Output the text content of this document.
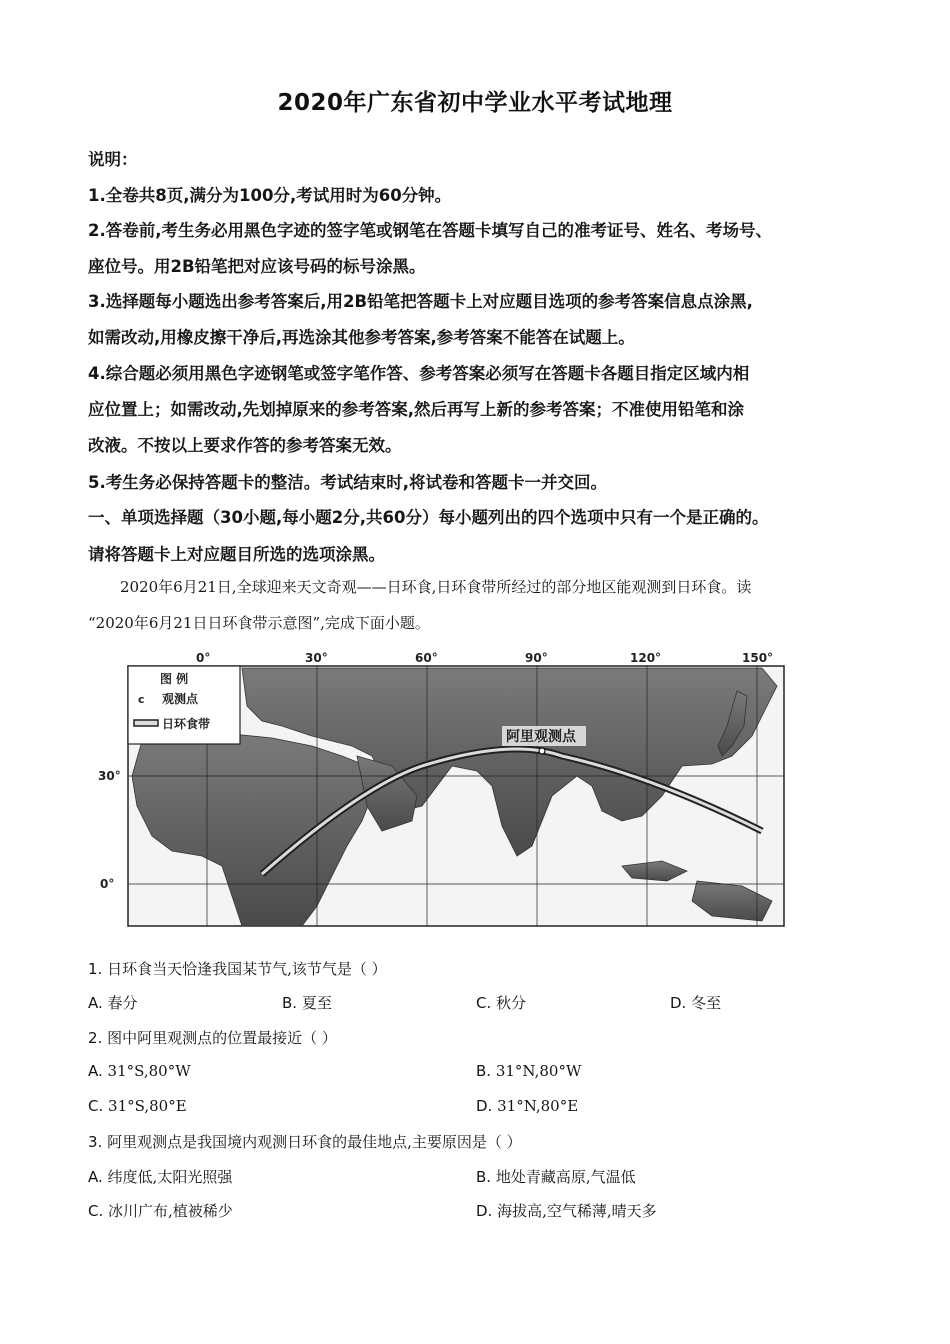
2020年广东省初中学业水平考试地理
说明：
1.全卷共8页,满分为100分,考试用时为60分钟。
2.答卷前,考生务必用黑色字迹的签字笔或钢笔在答题卡填写自己的准考证号、姓名、考场号、
座位号。用2B铅笔把对应该号码的标号涂黑。
3.选择题每小题选出参考答案后,用2B铅笔把答题卡上对应题目选项的参考答案信息点涂黑,
如需改动,用橡皮擦干净后,再选涂其他参考答案,参考答案不能答在试题上。
4.综合题必须用黑色字迹钢笔或签字笔作答、参考答案必须写在答题卡各题目指定区域内相
应位置上；如需改动,先划掉原来的参考答案,然后再写上新的参考答案；不准使用铅笔和涂
改液。不按以上要求作答的参考答案无效。
5.考生务必保持答题卡的整洁。考试结束时,将试卷和答题卡一并交回。
一、单项选择题（30小题,每小题2分,共60分）每小题列出的四个选项中只有一个是正确的。
请将答题卡上对应题目所选的选项涂黑。
2020年6月21日,全球迎来天文奇观——日环食,日环食带所经过的部分地区能观测到日环食。读
“2020年6月21日日环食带示意图”,完成下面小题。
0°	30°	60°	90°	120°	150°
30°
0°
阿里观测点
图 例
c 观测点
日环食带
1. 日环食当天恰逢我国某节气,该节气是（ ）
A. 春分	B. 夏至	C. 秋分	D. 冬至
2. 图中阿里观测点的位置最接近（ ）
A. 31°S,80°W	B. 31°N,80°W
C. 31°S,80°E	D. 31°N,80°E
3. 阿里观测点是我国境内观测日环食的最佳地点,主要原因是（ ）
A. 纬度低,太阳光照强	B. 地处青藏高原,气温低
C. 冰川广布,植被稀少	D. 海拔高,空气稀薄,晴天多
